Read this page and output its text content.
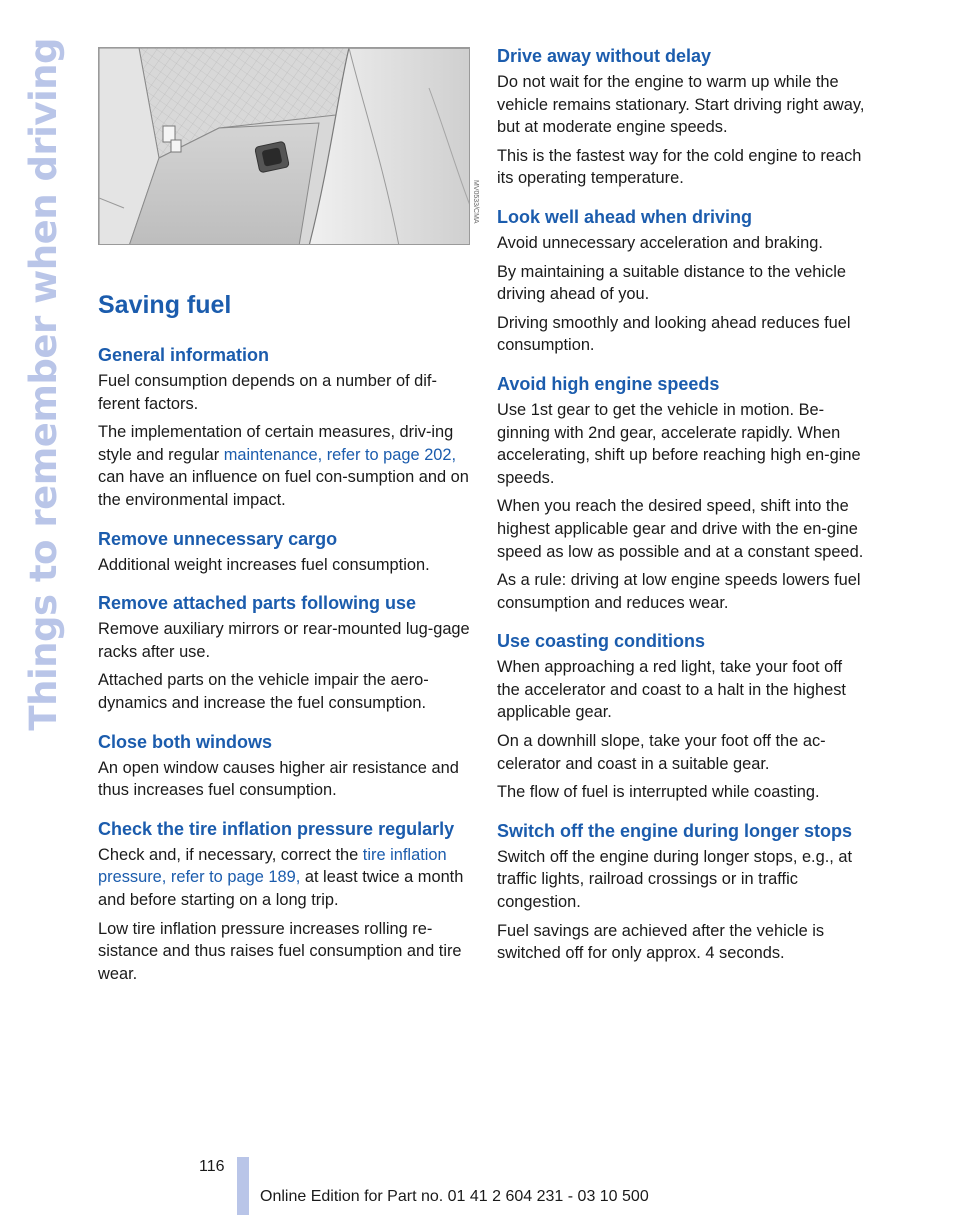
Things to remember when driving	MV0533/CMA
Saving fuel
General information

Fuel consumption depends on a number of dif-ferent factors.

The implementation of certain measures, driv-ing style and regular maintenance, refer to page 202, can have an influence on fuel con-sumption and on the environmental impact.

Remove unnecessary cargo

Additional weight increases fuel consumption.

Remove attached parts following use

Remove auxiliary mirrors or rear-mounted lug-gage racks after use.

Attached parts on the vehicle impair the aero-dynamics and increase the fuel consumption.

Close both windows

An open window causes higher air resistance and thus increases fuel consumption.

Check the tire inflation pressure regularly

Check and, if necessary, correct the tire inflation pressure, refer to page 189, at least twice a month and before starting on a long trip.

Low tire inflation pressure increases rolling re-sistance and thus raises fuel consumption and tire wear.

Drive away without delay

Do not wait for the engine to warm up while the vehicle remains stationary. Start driving right away, but at moderate engine speeds.

This is the fastest way for the cold engine to reach its operating temperature.

Look well ahead when driving

Avoid unnecessary acceleration and braking.

By maintaining a suitable distance to the vehicle driving ahead of you.

Driving smoothly and looking ahead reduces fuel consumption.

Avoid high engine speeds

Use 1st gear to get the vehicle in motion. Be-ginning with 2nd gear, accelerate rapidly. When accelerating, shift up before reaching high en-gine speeds.

When you reach the desired speed, shift into the highest applicable gear and drive with the en-gine speed as low as possible and at a constant speed.

As a rule: driving at low engine speeds lowers fuel consumption and reduces wear.

Use coasting conditions

When approaching a red light, take your foot off the accelerator and coast to a halt in the highest applicable gear.

On a downhill slope, take your foot off the ac-celerator and coast in a suitable gear.

The flow of fuel is interrupted while coasting.

Switch off the engine during longer stops

Switch off the engine during longer stops, e.g., at traffic lights, railroad crossings or in traffic congestion.

Fuel savings are achieved after the vehicle is switched off for only approx. 4 seconds.

116
Online Edition for Part no. 01 41 2 604 231 - 03 10 500
